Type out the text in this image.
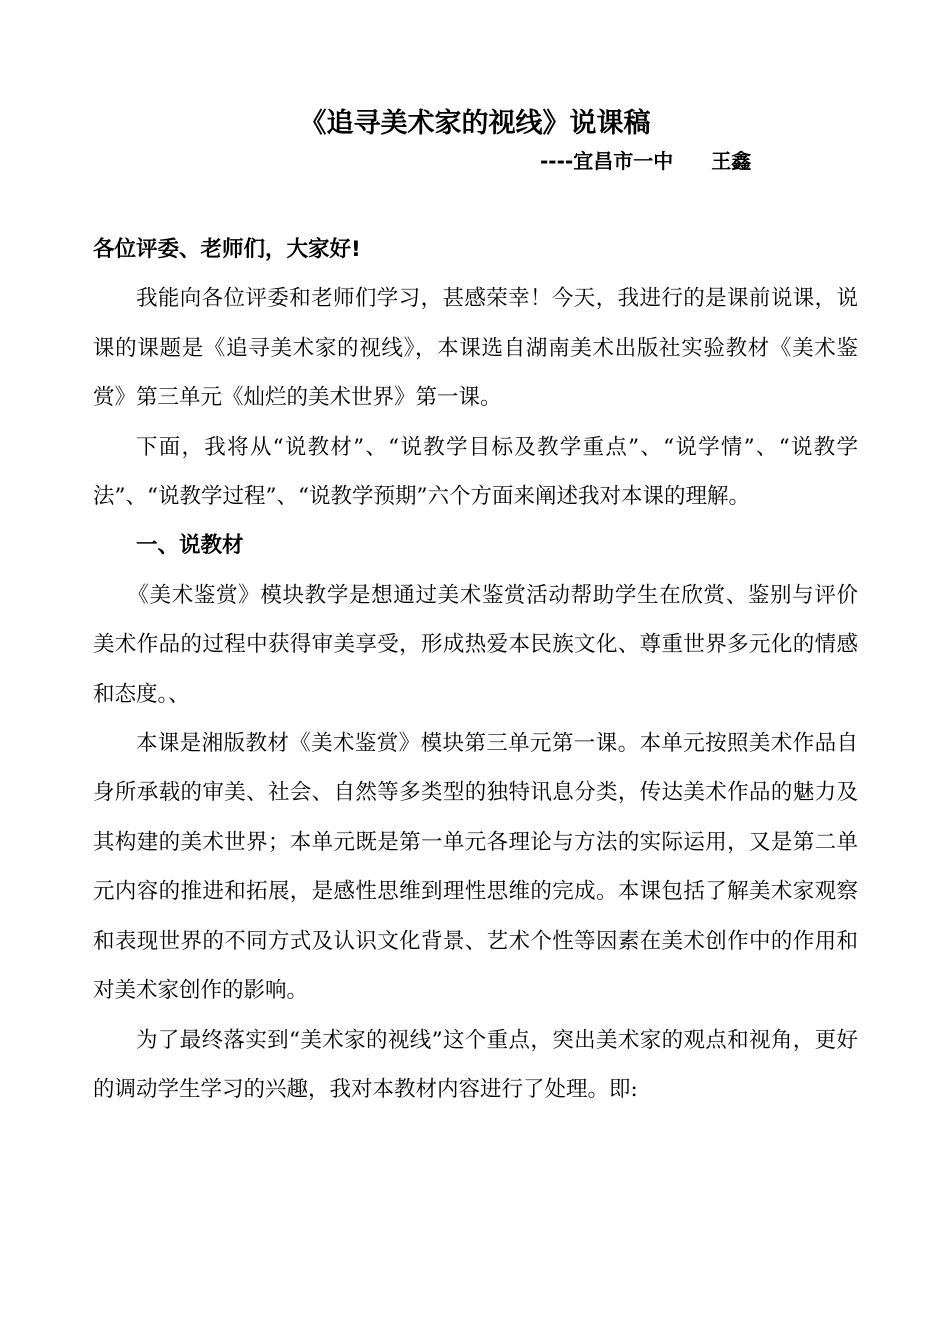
《追寻美术家的视线》说课稿
----宜昌市一中 王鑫

各位评委、老师们，大家好!

我能向各位评委和老师们学习，甚感荣幸！今天，我进行的是课前说课，说课的课题是《追寻美术家的视线》，本课选自湖南美术出版社实验教材《美术鉴赏》第三单元《灿烂的美术世界》第一课。

下面，我将从“说教材”、“说教学目标及教学重点”、“说学情”、“说教学法”、“说教学过程”、“说教学预期”六个方面来阐述我对本课的理解。

一、说教材

《美术鉴赏》模块教学是想通过美术鉴赏活动帮助学生在欣赏、鉴别与评价美术作品的过程中获得审美享受，形成热爱本民族文化、尊重世界多元化的情感和态度。、

本课是湘版教材《美术鉴赏》模块第三单元第一课。本单元按照美术作品自身所承载的审美、社会、自然等多类型的独特讯息分类，传达美术作品的魅力及其构建的美术世界；本单元既是第一单元各理论与方法的实际运用，又是第二单元内容的推进和拓展，是感性思维到理性思维的完成。本课包括了解美术家观察和表现世界的不同方式及认识文化背景、艺术个性等因素在美术创作中的作用和对美术家创作的影响。

为了最终落实到“美术家的视线”这个重点，突出美术家的观点和视角，更好的调动学生学习的兴趣，我对本教材内容进行了处理。即:
